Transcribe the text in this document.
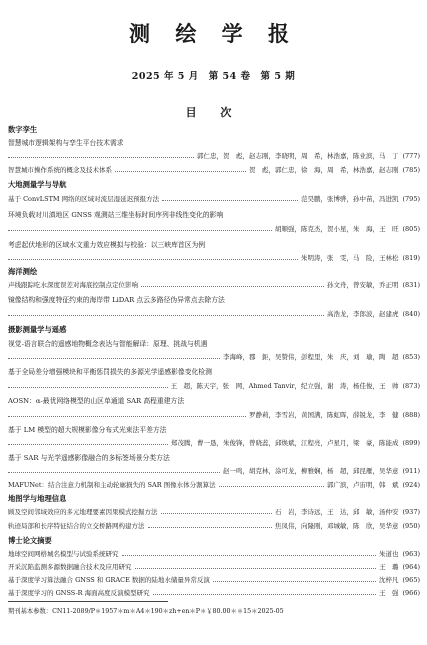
测 绘 学 报
2025 年 5 月　第 54 卷　第 5 期
目 次
数字孪生
智慧城市逻辑架构与孪生平台技术需求
郭仁忠，贺　彪，赵志刚，李晓明，周　希，林浩嘉，陈业滨，马　丁 (777)
智慧城市操作系统的概念及技术体系	贺　彪，郭仁忠，徐　海，周　希，林浩嘉，赵志刚 (785)
大地测量学与导航
基于 ConvLSTM 网络的区域对流层湿延迟预报方法	范昊鹏，张博骅，孙中苗，冯进凯 (795)
环境负载对川滇地区 GNSS 观测站三维坐标时间序列非线性变化的影响
胡顺强，陈克杰，贺小星，朱　海，王　旺 (805)
考虑起伏地形的区域水文重力效应模拟与校验：以三峡库首区为例
朱明涛，张　雯，马　险，王林松 (819)
海洋测绘
声线跟踪吃水深度误差对海底控制点定位影响	孙文舟，曾安敏，乔正明 (831)
镜像结构和强度特征约束的海岸带 LiDAR 点云多路径伪异常点去除方法
高浩龙，李郎波，赵建虎 (840)
摄影测量学与遥感
视觉-语言联合的遥感地物概念表达与智能解译：原理、挑战与机遇
李海峰，郡　鉅，吴赞伟，彭程里，朱　庆，刘　瑜，陶　超 (853)
基于全局差分增强模块和平衡惩罚损失的多源光学遥感影像变化检测
王　超，陈天宇，张　网，Ahmed Tanvir，纪立强，谢　涛，杨佳俊，王　帅 (873)
AOSN：α-最优网络模型的山区单通道 SAR 高程重建方法
罗静莉，李雪岩，黄国满，陈虹晖，薛锐龙，李　健 (888)
基于 LM 模型的超大规模影像分布式光束法平差方法
郑茂腾，曹一恳，朱俊锋，曾晓蕊，邱焕斌，江程亮，卢星月，梁　豪，陈能成 (899)
基于 SAR 与光学遥感影像融合的多标签场景分类方法
赵一鸣，胡克林，涂可龙，柳雅娴，杨　超，邱昆雁，吴华意 (911)
MAFUNet：结合注意力机制和主动轮廓损失的 SAR 图像水体分割算法	郭广滨，卢宙明，韩　斌 (924)
地图学与地理信息
顾及空间邻域效应的多元地理要素因果模式挖掘方法	石　岩，李诗远，王　达，邱　敏，汤仲安 (937)
轨迹局部和长序特征结合的立交桥路网构建方法	焦凤伟，向隆刚，邓城敏，陈　欣，吴华意 (950)
博士论文摘要
地球空间网格城名模型与试验系统研究	朱道也 (963)
开采沉陷监测多源数据融合技术及应用研究	王　璐 (964)
基于深度学习算法融合 GNSS 和 GRACE 数据的陆地水储量异常反演	沈梓凡 (965)
基于深度学习的 GNSS-R 海面高度反演模型研究	王　强 (966)
期刊基本参数：CN11-2089/P＊1957＊m＊A4＊190＊zh+en＊P＊￥80.00＊＊15＊2025-05
